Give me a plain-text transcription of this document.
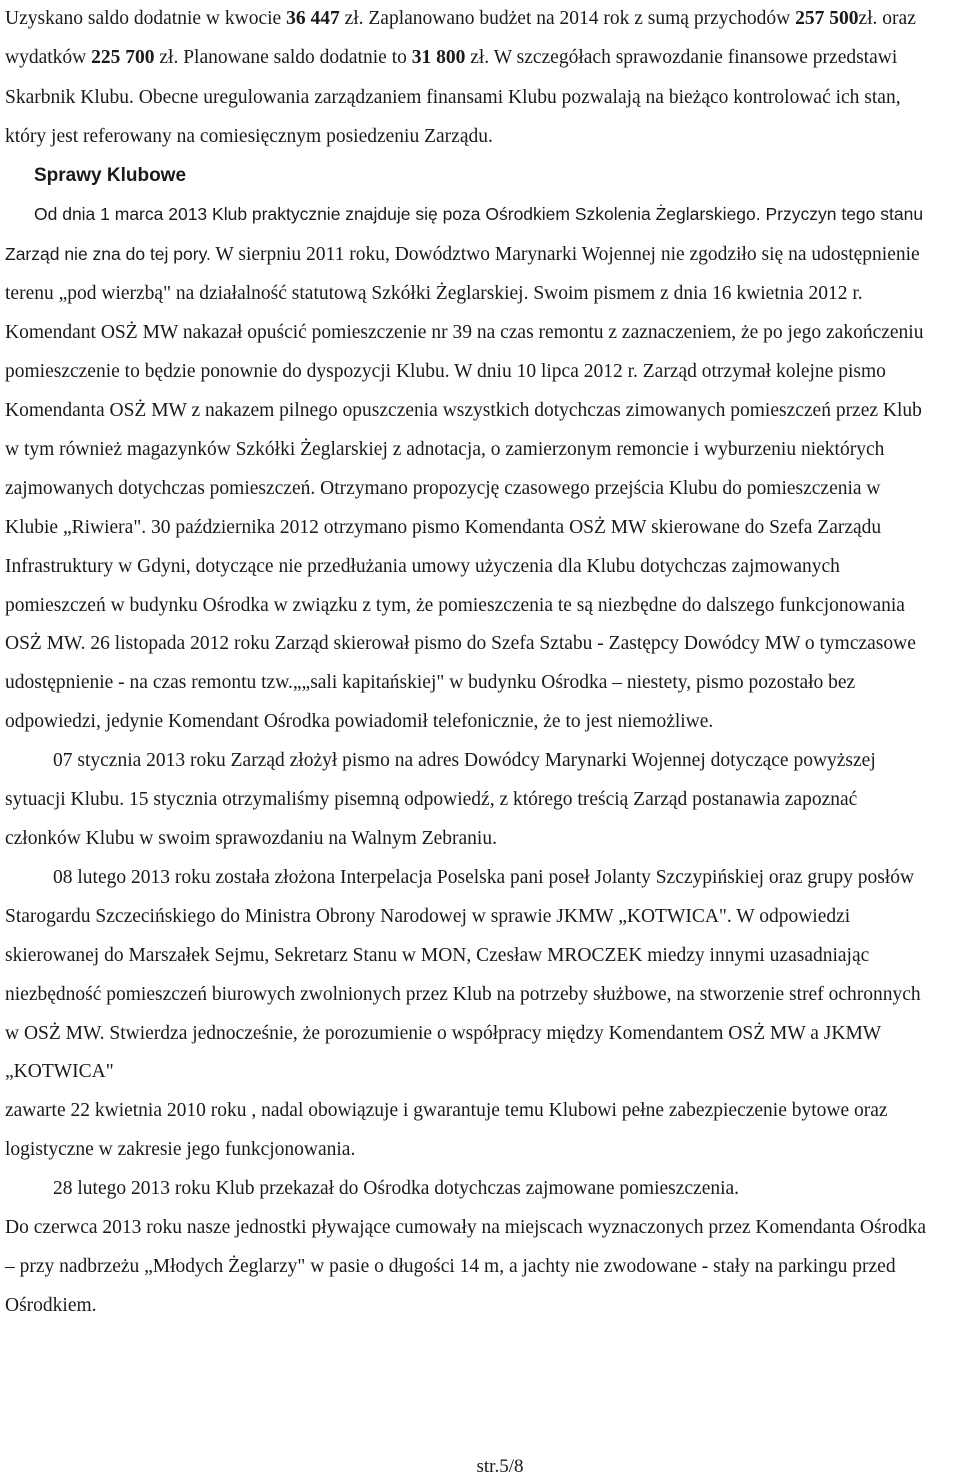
Uzyskano saldo dodatnie w kwocie 36 447 zł. Zaplanowano budżet na 2014 rok z sumą przychodów 257 500zł. oraz wydatków 225 700 zł. Planowane saldo dodatnie to 31 800 zł. W szczegółach sprawozdanie finansowe przedstawi Skarbnik Klubu. Obecne uregulowania zarządzaniem finansami Klubu pozwalają na bieżąco kontrolować ich stan, który jest referowany na comiesięcznym posiedzeniu Zarządu.

Sprawy Klubowe

Od dnia 1 marca 2013 Klub praktycznie znajduje się poza Ośrodkiem Szkolenia Żeglarskiego. Przyczyn tego stanu Zarząd nie zna do tej pory. W sierpniu 2011 roku, Dowództwo Marynarki Wojennej nie zgodziło się na udostępnienie terenu „pod wierzbą" na działalność statutową Szkółki Żeglarskiej. Swoim pismem z dnia 16 kwietnia 2012 r. Komendant OSŻ MW nakazał opuścić pomieszczenie nr 39 na czas remontu z zaznaczeniem, że po jego zakończeniu pomieszczenie to będzie ponownie do dyspozycji Klubu. W dniu 10 lipca 2012 r. Zarząd otrzymał kolejne pismo Komendanta OSŻ MW z nakazem pilnego opuszczenia wszystkich dotychczas zimowanych pomieszczeń przez Klub w tym również magazynków Szkółki Żeglarskiej z adnotacja, o zamierzonym remoncie i wyburzeniu niektórych zajmowanych dotychczas pomieszczeń. Otrzymano propozycję czasowego przejścia Klubu do pomieszczenia w Klubie „Riwiera". 30 października 2012 otrzymano pismo Komendanta OSŻ MW skierowane do Szefa Zarządu Infrastruktury w Gdyni, dotyczące nie przedłużania umowy użyczenia dla Klubu dotychczas zajmowanych pomieszczeń w budynku Ośrodka w związku z tym, że pomieszczenia te są niezbędne do dalszego funkcjonowania OSŻ MW. 26 listopada 2012 roku Zarząd skierował pismo do Szefa Sztabu - Zastępcy Dowódcy MW o tymczasowe udostępnienie - na czas remontu tzw.„„sali kapitańskiej" w budynku Ośrodka – niestety, pismo pozostało bez odpowiedzi, jedynie Komendant Ośrodka powiadomił telefonicznie, że to jest niemożliwe.

07 stycznia 2013 roku Zarząd złożył pismo na adres Dowódcy Marynarki Wojennej dotyczące powyższej sytuacji Klubu. 15 stycznia otrzymaliśmy pisemną odpowiedź, z którego treścią Zarząd postanawia zapoznać członków Klubu w swoim sprawozdaniu na Walnym Zebraniu.

08 lutego 2013 roku została złożona Interpelacja Poselska pani poseł Jolanty Szczypińskiej oraz grupy posłów Starogardu Szczecińskiego do Ministra Obrony Narodowej w sprawie JKMW „KOTWICA". W odpowiedzi skierowanej do Marszałek Sejmu, Sekretarz Stanu w MON, Czesław MROCZEK miedzy innymi uzasadniając niezbędność pomieszczeń biurowych zwolnionych przez Klub na potrzeby służbowe, na stworzenie stref ochronnych w OSŻ MW. Stwierdza jednocześnie, że porozumienie o współpracy między Komendantem OSŻ MW a JKMW „KOTWICA"

zawarte 22 kwietnia 2010 roku , nadal obowiązuje i gwarantuje temu Klubowi pełne zabezpieczenie bytowe oraz logistyczne w zakresie jego funkcjonowania.

28 lutego 2013 roku Klub przekazał do Ośrodka dotychczas zajmowane pomieszczenia.

Do czerwca 2013 roku nasze jednostki pływające cumowały na miejscach wyznaczonych przez Komendanta Ośrodka – przy nadbrzeżu „Młodych Żeglarzy" w pasie o długości 14 m, a jachty nie zwodowane - stały na parkingu przed Ośrodkiem.

str.5/8
